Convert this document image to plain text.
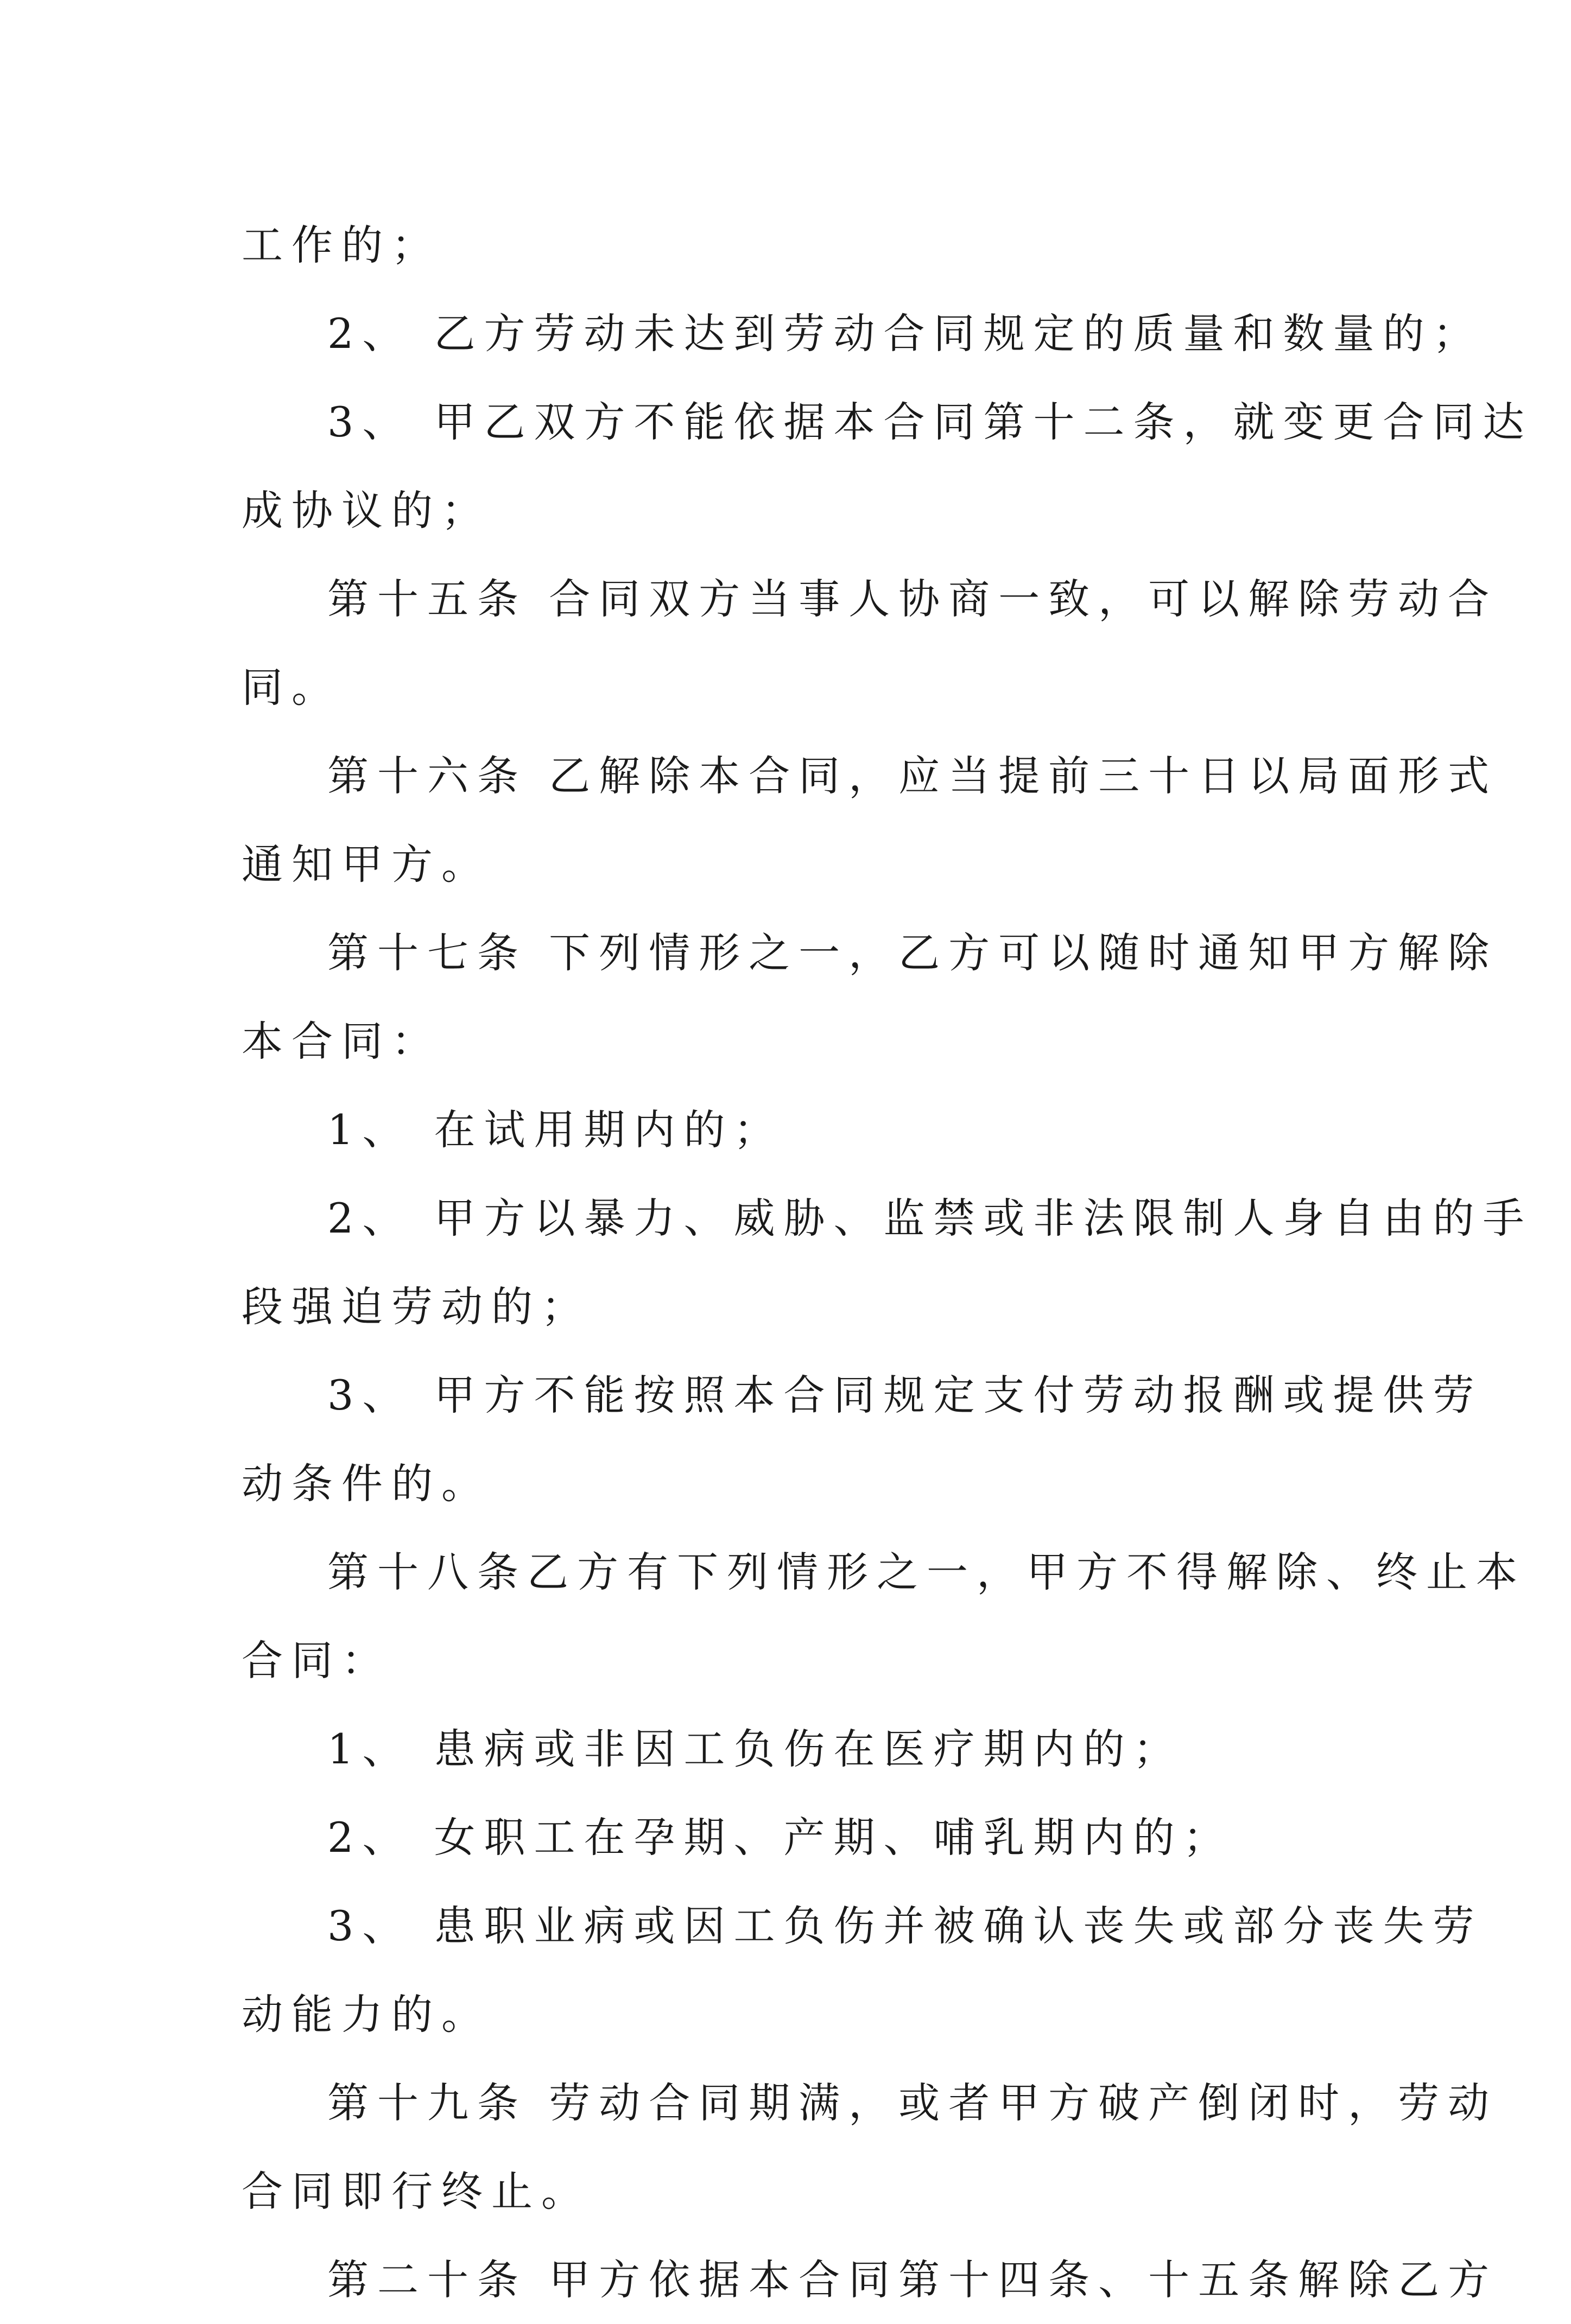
工作的；
2、 乙方劳动未达到劳动合同规定的质量和数量的；
3、 甲乙双方不能依据本合同第十二条，就变更合同达
成协议的；
第十五条 合同双方当事人协商一致，可以解除劳动合
同。
第十六条 乙解除本合同，应当提前三十日以局面形式
通知甲方。
第十七条 下列情形之一，乙方可以随时通知甲方解除
本合同：
1、 在试用期内的；
2、 甲方以暴力、威胁、监禁或非法限制人身自由的手
段强迫劳动的；
3、 甲方不能按照本合同规定支付劳动报酬或提供劳
动条件的。
第十八条乙方有下列情形之一，甲方不得解除、终止本
合同：
1、 患病或非因工负伤在医疗期内的；
2、 女职工在孕期、产期、哺乳期内的；
3、 患职业病或因工负伤并被确认丧失或部分丧失劳
动能力的。
第十九条 劳动合同期满，或者甲方破产倒闭时，劳动
合同即行终止。
第二十条 甲方依据本合同第十四条、十五条解除乙方
